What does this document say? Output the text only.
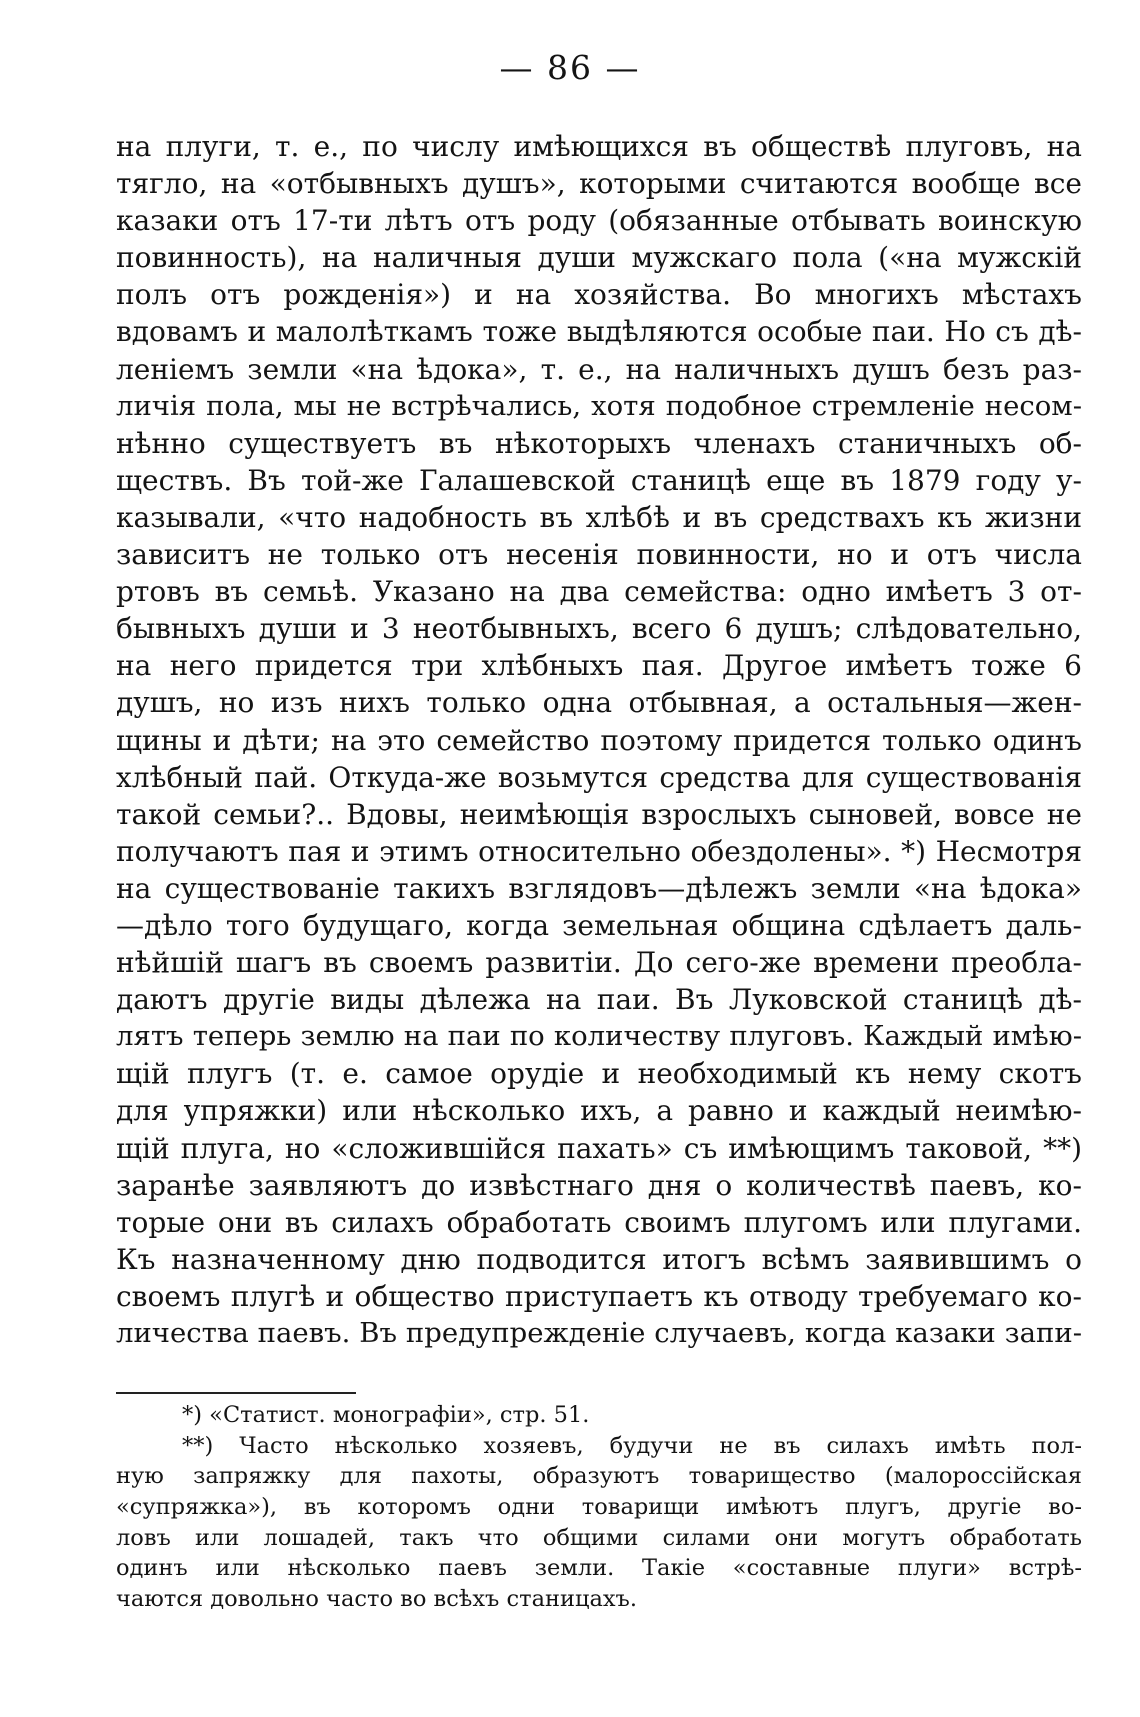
— 86 —
на плуги, т. е., по числу имѣющихся въ обществѣ плуговъ, на
тягло, на «отбывныхъ душъ», которыми считаются вообще все
казаки отъ 17-ти лѣтъ отъ роду (обязанные отбывать воинскую
повинность), на наличныя души мужскаго пола («на мужскій
полъ отъ рожденія») и на хозяйства. Во многихъ мѣстахъ
вдовамъ и малолѣткамъ тоже выдѣляются особые паи. Но съ дѣ-
леніемъ земли «на ѣдока», т. е., на наличныхъ душъ безъ раз-
личія пола, мы не встрѣчались, хотя подобное стремленіе несом-
нѣнно существуетъ въ нѣкоторыхъ членахъ станичныхъ об-
ществъ. Въ той-же Галашевской станицѣ еще въ 1879 году у-
казывали, «что надобность въ хлѣбѣ и въ средствахъ къ жизни
зависитъ не только отъ несенія повинности, но и отъ числа
ртовъ въ семьѣ. Указано на два семейства: одно имѣетъ 3 от-
бывныхъ души и 3 неотбывныхъ, всего 6 душъ; слѣдовательно,
на него придется три хлѣбныхъ пая. Другое имѣетъ тоже 6
душъ, но изъ нихъ только одна отбывная, а остальныя—жен-
щины и дѣти; на это семейство поэтому придется только одинъ
хлѣбный пай. Откуда-же возьмутся средства для существованія
такой семьи?.. Вдовы, неимѣющія взрослыхъ сыновей, вовсе не
получаютъ пая и этимъ относительно обездолены». *) Несмотря
на существованіе такихъ взглядовъ—дѣлежъ земли «на ѣдока»
—дѣло того будущаго, когда земельная община сдѣлаетъ даль-
нѣйшій шагъ въ своемъ развитіи. До сего-же времени преобла-
даютъ другіе виды дѣлежа на паи. Въ Луковской станицѣ дѣ-
лятъ теперь землю на паи по количеству плуговъ. Каждый имѣю-
щій плугъ (т. е. самое орудіе и необходимый къ нему скотъ
для упряжки) или нѣсколько ихъ, а равно и каждый неимѣю-
щій плуга, но «сложившійся пахать» съ имѣющимъ таковой, **)
заранѣе заявляютъ до извѣстнаго дня о количествѣ паевъ, ко-
торые они въ силахъ обработать своимъ плугомъ или плугами.
Къ назначенному дню подводится итогъ всѣмъ заявившимъ о
своемъ плугѣ и общество приступаетъ къ отводу требуемаго ко-
личества паевъ. Въ предупрежденіе случаевъ, когда казаки запи-
*) «Статист. монографіи», стр. 51.
**) Часто нѣсколько хозяевъ, будучи не въ силахъ имѣть пол-
ную запряжку для пахоты, образуютъ товарищество (малороссійская
«супряжка»), въ которомъ одни товарищи имѣютъ плугъ, другіе во-
ловъ или лошадей, такъ что общими силами они могутъ обработать
одинъ или нѣсколько паевъ земли. Такіе «составные плуги» встрѣ-
чаются довольно часто во всѣхъ станицахъ.
